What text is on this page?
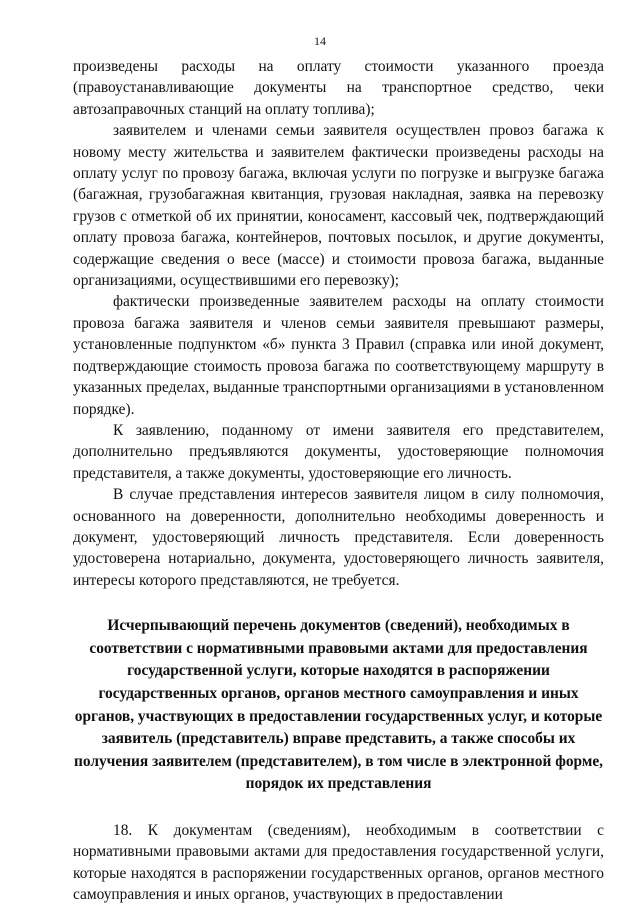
14

произведены расходы на оплату стоимости указанного проезда (правоустанавливающие документы на транспортное средство, чеки автозаправочных станций на оплату топлива);

заявителем и членами семьи заявителя осуществлен провоз багажа к новому месту жительства и заявителем фактически произведены расходы на оплату услуг по провозу багажа, включая услуги по погрузке и выгрузке багажа (багажная, грузобагажная квитанция, грузовая накладная, заявка на перевозку грузов с отметкой об их принятии, коносамент, кассовый чек, подтверждающий оплату провоза багажа, контейнеров, почтовых посылок, и другие документы, содержащие сведения о весе (массе) и стоимости провоза багажа, выданные организациями, осуществившими его перевозку);

фактически произведенные заявителем расходы на оплату стоимости провоза багажа заявителя и членов семьи заявителя превышают размеры, установленные подпунктом «б» пункта 3 Правил (справка или иной документ, подтверждающие стоимость провоза багажа по соответствующему маршруту в указанных пределах, выданные транспортными организациями в установленном порядке).

К заявлению, поданному от имени заявителя его представителем, дополнительно предъявляются документы, удостоверяющие полномочия представителя, а также документы, удостоверяющие его личность.

В случае представления интересов заявителя лицом в силу полномочия, основанного на доверенности, дополнительно необходимы доверенность и документ, удостоверяющий личность представителя. Если доверенность удостоверена нотариально, документа, удостоверяющего личность заявителя, интересы которого представляются, не требуется.

Исчерпывающий перечень документов (сведений), необходимых в соответствии с нормативными правовыми актами для предоставления государственной услуги, которые находятся в распоряжении государственных органов, органов местного самоуправления и иных органов, участвующих в предоставлении государственных услуг, и которые заявитель (представитель) вправе представить, а также способы их получения заявителем (представителем), в том числе в электронной форме, порядок их представления

18. К документам (сведениям), необходимым в соответствии с нормативными правовыми актами для предоставления государственной услуги, которые находятся в распоряжении государственных органов, органов местного самоуправления и иных органов, участвующих в предоставлении
